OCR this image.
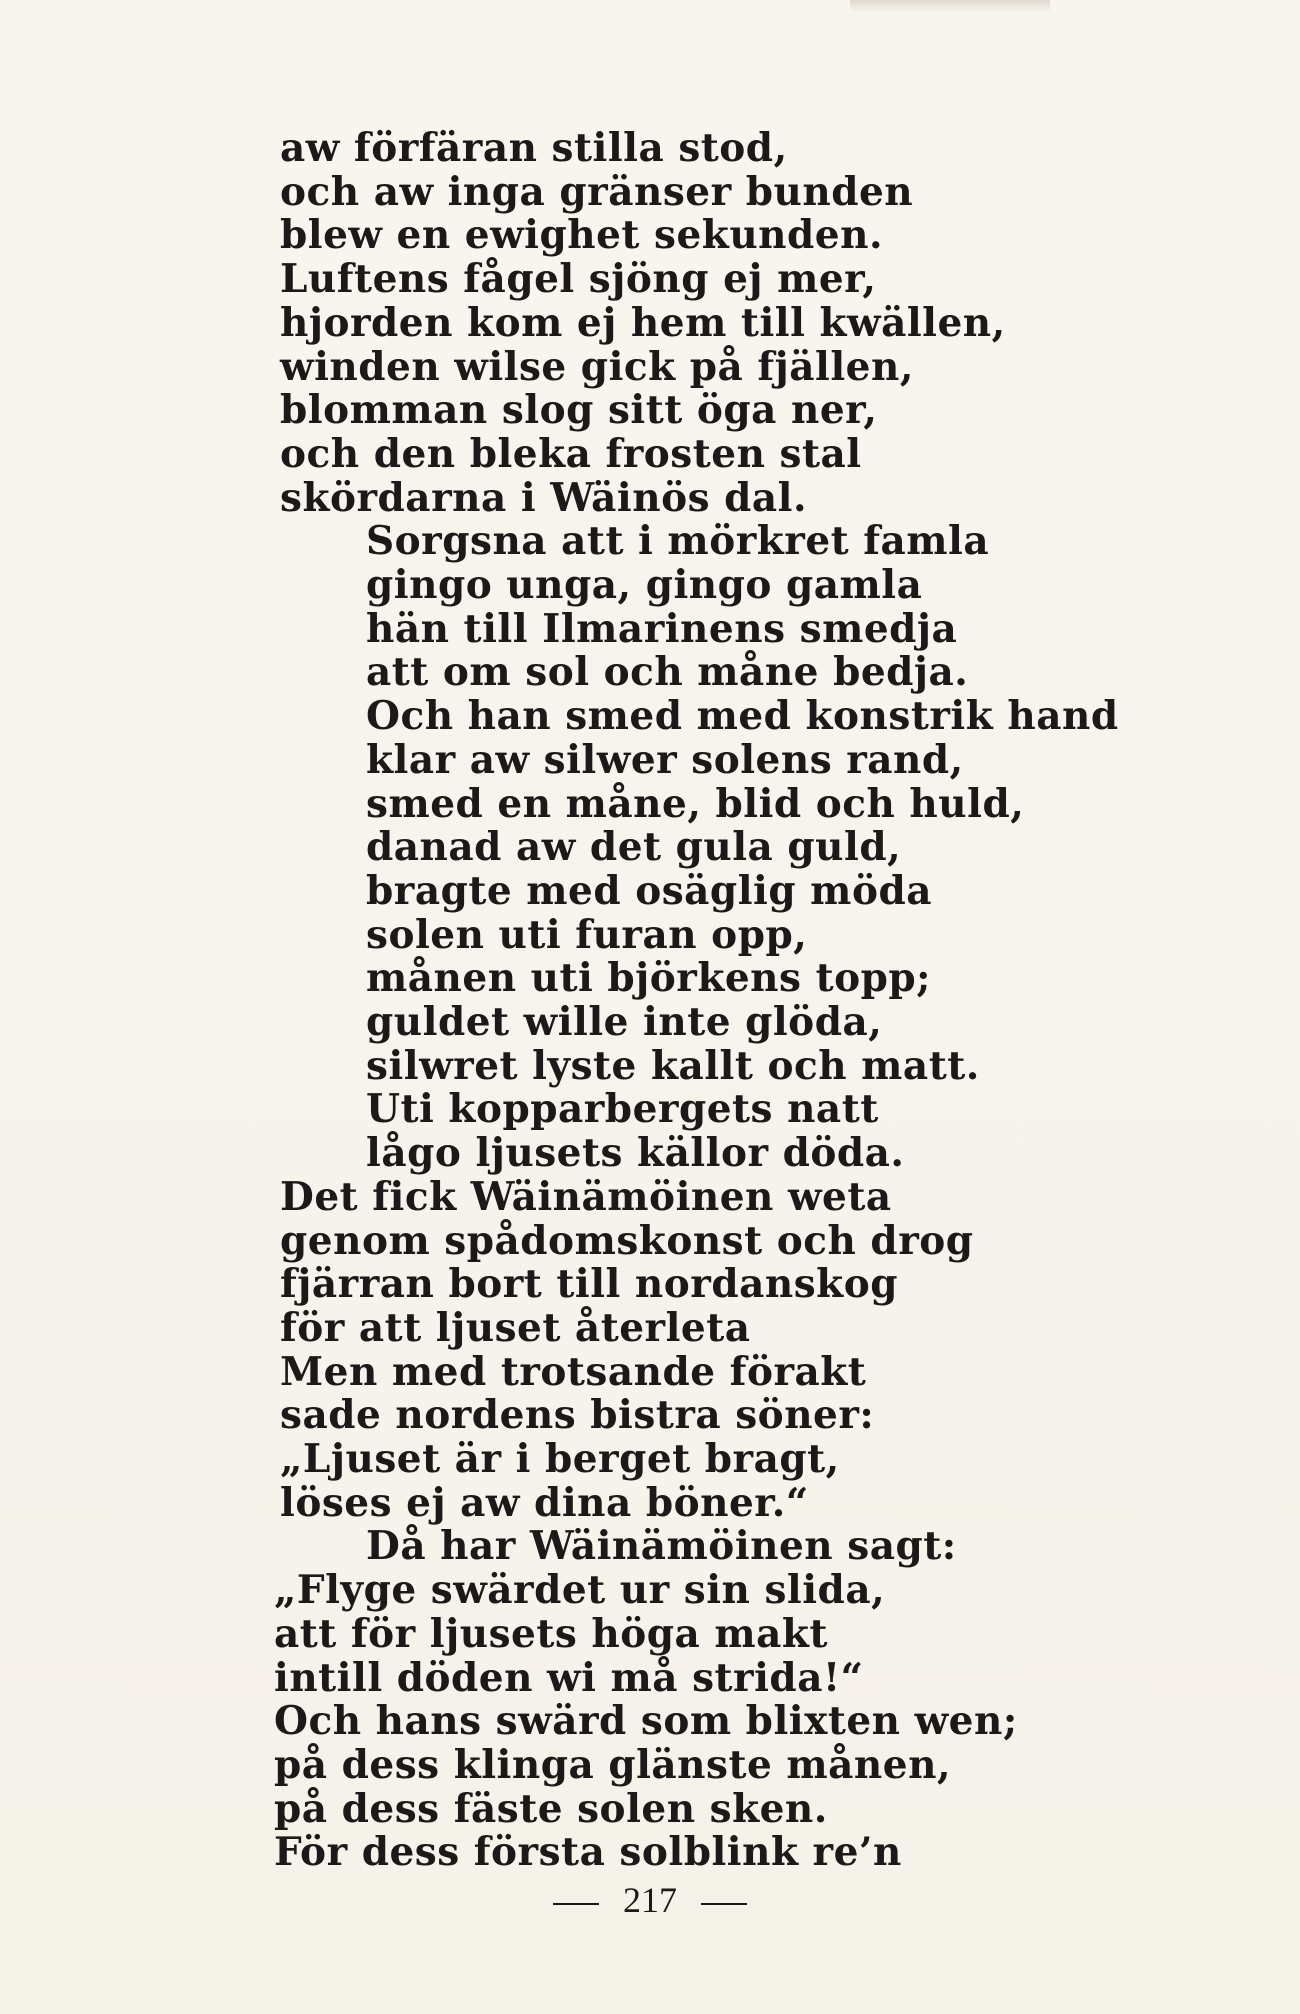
aw förfäran stilla stod,
och aw inga gränser bunden
blew en ewighet sekunden.
Luftens fågel sjöng ej mer,
hjorden kom ej hem till kwällen,
winden wilse gick på fjällen,
blomman slog sitt öga ner,
och den bleka frosten stal
skördarna i Wäinös dal.
Sorgsna att i mörkret famla
gingo unga, gingo gamla
hän till Ilmarinens smedja
att om sol och måne bedja.
Och han smed med konstrik hand
klar aw silwer solens rand,
smed en måne, blid och huld,
danad aw det gula guld,
bragte med osäglig möda
solen uti furan opp,
månen uti björkens topp;
guldet wille inte glöda,
silwret lyste kallt och matt.
Uti kopparbergets natt
lågo ljusets källor döda.
Det fick Wäinämöinen weta
genom spådomskonst och drog
fjärran bort till nordanskog
för att ljuset återleta
Men med trotsande förakt
sade nordens bistra söner:
„Ljuset är i berget bragt,
löses ej aw dina böner.“
Då har Wäinämöinen sagt:
„Flyge swärdet ur sin slida,
att för ljusets höga makt
intill döden wi må strida!“
Och hans swärd som blixten wen;
på dess klinga glänste månen,
på dess fäste solen sken.
För dess första solblink re’n
217
